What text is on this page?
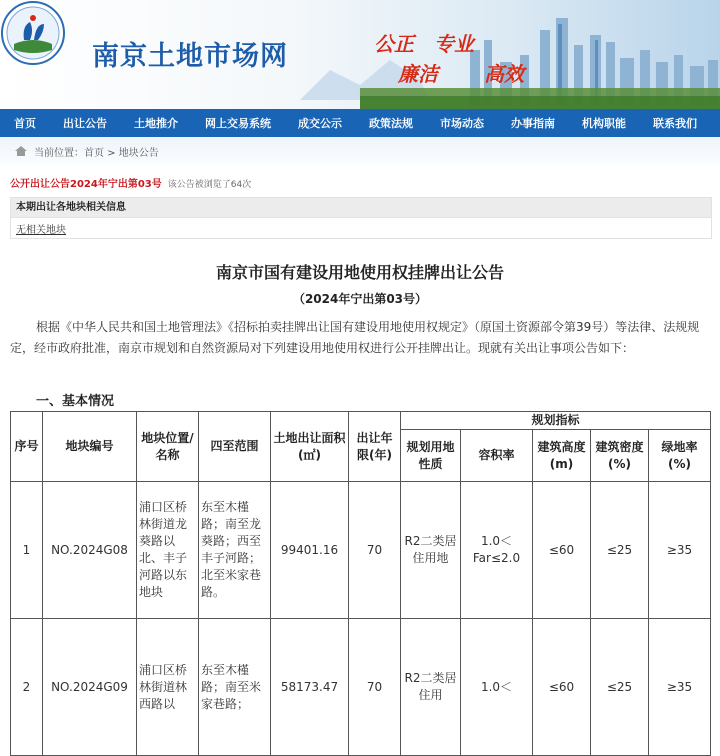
南京土地市场网	公正 专业
廉洁 高效
首页	出让公告	土地推介	网上交易系统	成交公示	政策法规	市场动态	办事指南	机构职能	联系我们
当前位置：首页 > 地块公告
公开出让公告2024年宁出第03号 该公告被浏览了64次
本期出让各地块相关信息
无相关地块
南京市国有建设用地使用权挂牌出让公告
（2024年宁出第03号）
根据《中华人民共和国土地管理法》《招标拍卖挂牌出让国有建设用地使用权规定》（原国土资源部令第39号）等法律、法规规定，经市政府批准，南京市规划和自然资源局对下列建设用地使用权进行公开挂牌出让。现就有关出让事项公告如下：
一、基本情况
序号	地块编号	地块位置/名称	四至范围	土地出让面积(㎡)	出让年限(年)	规划指标				
						规划用地性质	容积率	建筑高度(m)	建筑密度(%)	绿地率(%)
1	NO.2024G08	浦口区桥林街道龙葵路以北、丰子河路以东地块	东至木槿路；南至龙葵路；西至丰子河路；北至米家巷路。	99401.16	70	R2二类居住用地	1.0＜Far≤2.0	≤60	≤25	≥35
2	NO.2024G09	浦口区桥林街道林西路以	东至木槿路；南至米家巷路；	58173.47	70	R2二类居住用	1.0＜	≤60	≤25	≥35
